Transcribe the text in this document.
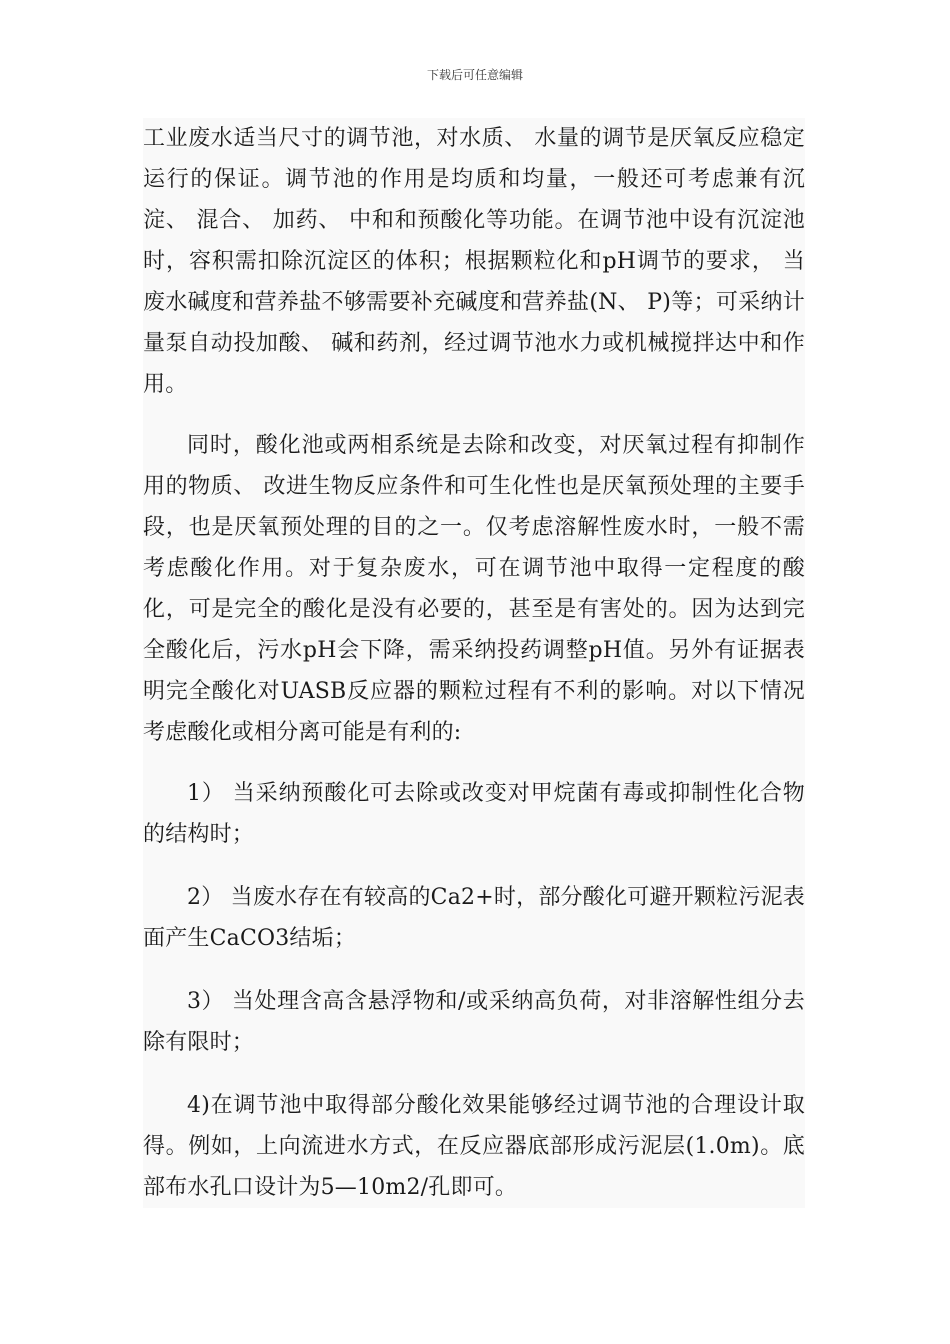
下载后可任意编辑

工业废水适当尺寸的调节池，对水质、 水量的调节是厌氧反应稳定运行的保证。调节池的作用是均质和均量，一般还可考虑兼有沉淀、 混合、 加药、 中和和预酸化等功能。在调节池中设有沉淀池时，容积需扣除沉淀区的体积；根据颗粒化和pH调节的要求， 当废水碱度和营养盐不够需要补充碱度和营养盐(N、 P)等；可采纳计量泵自动投加酸、 碱和药剂，经过调节池水力或机械搅拌达中和作用。

同时，酸化池或两相系统是去除和改变，对厌氧过程有抑制作用的物质、 改进生物反应条件和可生化性也是厌氧预处理的主要手段，也是厌氧预处理的目的之一。仅考虑溶解性废水时，一般不需考虑酸化作用。对于复杂废水，可在调节池中取得一定程度的酸化，可是完全的酸化是没有必要的，甚至是有害处的。因为达到完全酸化后，污水pH会下降，需采纳投药调整pH值。另外有证据表明完全酸化对UASB反应器的颗粒过程有不利的影响。对以下情况考虑酸化或相分离可能是有利的:

1） 当采纳预酸化可去除或改变对甲烷菌有毒或抑制性化合物的结构时；

2） 当废水存在有较高的Ca2+时，部分酸化可避开颗粒污泥表面产生CaCO3结垢；

3） 当处理含高含悬浮物和/或采纳高负荷，对非溶解性组分去除有限时；

4)在调节池中取得部分酸化效果能够经过调节池的合理设计取得。例如，上向流进水方式，在反应器底部形成污泥层(1.0m)。底部布水孔口设计为5—10m2/孔即可。
